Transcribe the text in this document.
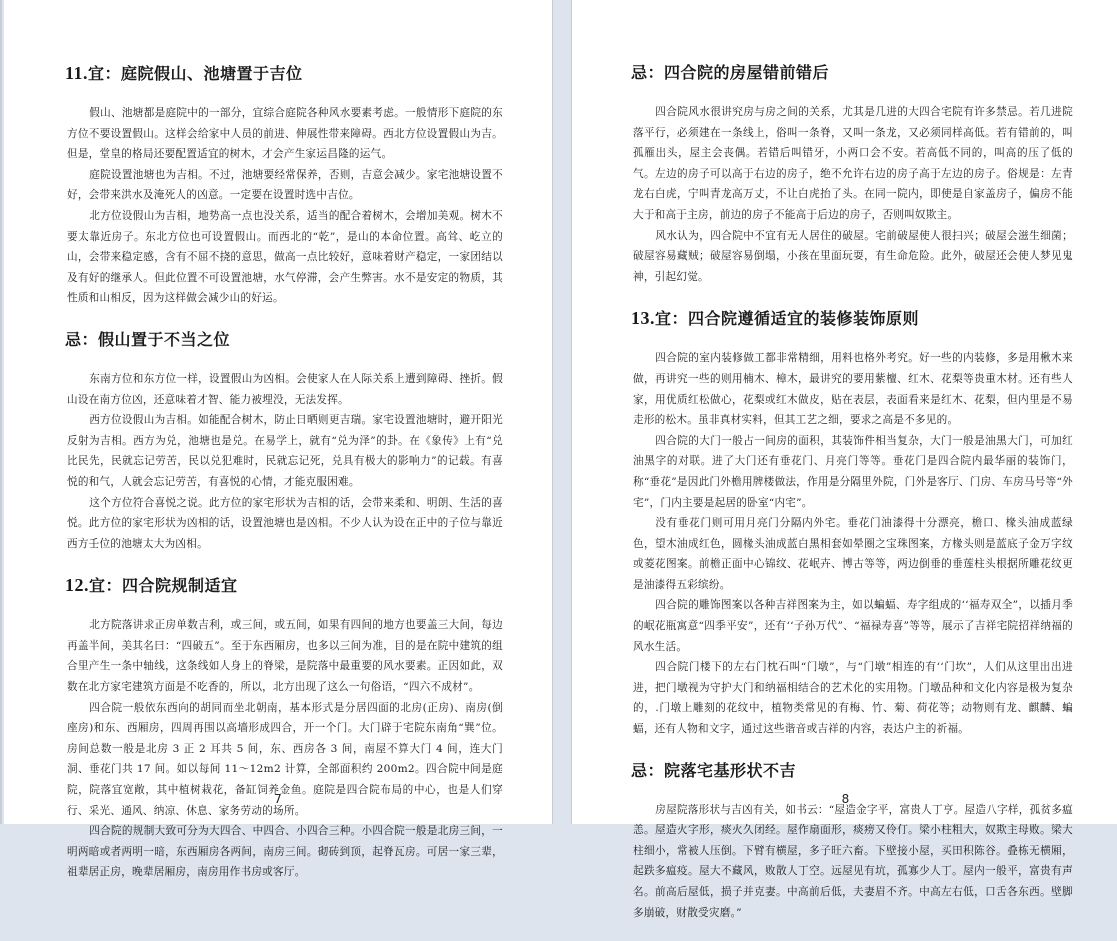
11.宜：庭院假山、池塘置于吉位

假山、池塘都是庭院中的一部分，宜综合庭院各种风水要素考虑。一般情形下庭院的东方位不要设置假山。这样会给家中人员的前进、伸展性带来障碍。西北方位设置假山为吉。但是，堂皇的格局还要配置适宜的树木，才会产生家运昌隆的运气。

庭院设置池塘也为吉相。不过，池塘要经常保养，否则，吉意会减少。家宅池塘设置不好，会带来洪水及淹死人的凶意。一定要在设置时选中吉位。

北方位设假山为吉相，地势高一点也没关系，适当的配合着树木，会增加美观。树木不要太靠近房子。东北方位也可设置假山。而西北的“乾”，是山的本命位置。高耸、屹立的山，会带来稳定感，含有不屈不挠的意思，做高一点比较好，意味着财产稳定，一家团结以及有好的继承人。但此位置不可设置池塘，水气停滞，会产生弊害。水不是安定的物质，其性质和山相反，因为这样做会减少山的好运。

忌：假山置于不当之位

东南方位和东方位一样，设置假山为凶相。会使家人在人际关系上遭到障碍、挫折。假山设在南方位凶，还意味着才智、能力被埋没，无法发挥。

西方位设假山为吉相。如能配合树木，防止日晒则更吉瑞。家宅设置池塘时，避开阳光反射为吉相。西方为兑，池塘也是兑。在易学上，就有“兑为泽”的卦。在《象传》上有“兑比民先，民就忘记劳苦，民以兑犯难时，民就忘记死，兑具有极大的影响力”的记载。有喜悦的和气，人就会忘记劳苦，有喜悦的心情，才能克服困难。

这个方位符合喜悦之说。此方位的家宅形状为吉相的话，会带来柔和、明朗、生活的喜悦。此方位的家宅形状为凶相的话，设置池塘也是凶相。不少人认为设在正中的子位与靠近西方壬位的池塘太大为凶相。

12.宜：四合院规制适宜

北方院落讲求正房单数吉利，或三间，或五间，如果有四间的地方也要盖三大间，每边再盖半间，美其名曰：“四破五”。至于东西厢房，也多以三间为准，目的是在院中建筑的组合里产生一条中轴线，这条线如人身上的脊梁，是院落中最重要的风水要素。正因如此，双数在北方家宅建筑方面是不吃香的，所以，北方出现了这么一句俗语，“四六不成材”。

四合院一般依东西向的胡同而坐北朝南，基本形式是分居四面的北房(正房)、南房(倒座房)和东、西厢房，四周再围以高墙形成四合，开一个门。大门辟于宅院东南角“巽”位。房间总数一般是北房 3 正 2 耳共 5 间，东、西房各 3 间，南屋不算大门 4 间，连大门洞、垂花门共 17 间。如以每间 11～12m2 计算，全部面积约 200m2。四合院中间是庭院，院落宜宽敞，其中植树栽花，备缸饲养金鱼。庭院是四合院布局的中心，也是人们穿行、采光、通风、纳凉、休息、家务劳动的场所。

四合院的规制大致可分为大四合、中四合、小四合三种。小四合院一般是北房三间，一明两暗或者两明一暗，东西厢房各两间，南房三间。砌砖到顶，起脊瓦房。可居一家三辈，祖辈居正房，晚辈居厢房，南房用作书房或客厅。

7
忌：四合院的房屋错前错后

四合院风水很讲究房与房之间的关系，尤其是几进的大四合宅院有许多禁忌。若几进院落平行，必须建在一条线上，俗叫一条脊，又叫一条龙，又必须同样高低。若有错前的，叫孤雁出头，屋主会丧偶。若错后叫错牙，小两口会不安。若高低不同的，叫高的压了低的气。左边的房子可以高于右边的房子，绝不允许右边的房子高于左边的房子。俗规是：左青龙右白虎，宁叫青龙高万丈，不让白虎抬了头。在同一院内，即使是自家盖房子，偏房不能大于和高于主房，前边的房子不能高于后边的房子，否则叫奴欺主。

风水认为，四合院中不宜有无人居住的破屋。宅前破屋使人很扫兴；破屋会滋生细菌；破屋容易藏贼；破屋容易倒塌，小孩在里面玩耍，有生命危险。此外，破屋还会使人梦见鬼神，引起幻觉。

13.宜：四合院遵循适宜的装修装饰原则

四合院的室内装修做工都非常精细，用料也格外考究。好一些的内装修，多是用楸木来做，再讲究一些的则用楠木、樟木，最讲究的要用紫檀、红木、花梨等贵重木材。还有些人家，用优质红松做心，花梨或红木做皮，贴在表层，表面看来是红木、花梨，但内里是不易走形的松木。虽非真材实料，但其工艺之细，要求之高是不多见的。

四合院的大门一般占一间房的面积，其装饰件相当复杂，大门一般是油黑大门，可加红油黑字的对联。进了大门还有垂花门、月亮门等等。垂花门是四合院内最华丽的装饰门，称“垂花”是因此门外檐用牌楼做法，作用是分隔里外院，门外是客厅、门房、车房马号等“外宅”，门内主要是起居的卧室“内宅”。

没有垂花门则可用月亮门分隔内外宅。垂花门油漆得十分漂亮，檐口、椽头油成蓝绿色，望木油成红色，圆椽头油成蓝白黑相套如晕圈之宝珠图案，方椽头则是蓝底子金万字纹或菱花图案。前檐正面中心锦纹、花岷卉、博古等等，两边倒垂的垂莲柱头根据所雕花纹更是油漆得五彩缤纷。

四合院的雕饰图案以各种吉祥图案为主，如以蝙蝠、寿字组成的‘‘福寿双全”，以插月季的岷花瓶寓意“四季平安”，还有‘‘子孙万代”、“福禄寿喜”等等，展示了吉祥宅院招祥纳福的风水生活。

四合院门楼下的左右门枕石叫“门墩”，与“门墩”相连的有‘‘门坎”，人们从这里出出进进，把门墩视为守护大门和纳福相结合的艺术化的实用物。门墩品种和文化内容是极为复杂的，.门墩上雕刻的花纹中，植物类常见的有梅、竹、菊、荷花等；动物则有龙、麒麟、蝙蝠，还有人物和文字，通过这些谐音或吉祥的内容，表达户主的祈福。

忌：院落宅基形状不吉

房屋院落形状与吉凶有关，如书云：“屋造金字平，富贵人丁亨。屋造八字样，孤贫多瘟恙。屋造火字形，痰火久闭经。屋作扇面形，痰痨又伶仃。梁小柱粗大，奴欺主母败。梁大柱细小，常被人压倒。下臂有横屋，多子旺六畜。下壁接小屋，买田积陈谷。叠栋无横厢，起跌多瘟疫。屋大不藏风，败散人丁空。远屋见有坑，孤寡少人丁。屋内一般平，富贵有声名。前高后屋低，损子并克妻。中高前后低，夫妻眉不齐。中高左右低，口舌各东西。壁脚多崩破，财散受灾磨。”

8
